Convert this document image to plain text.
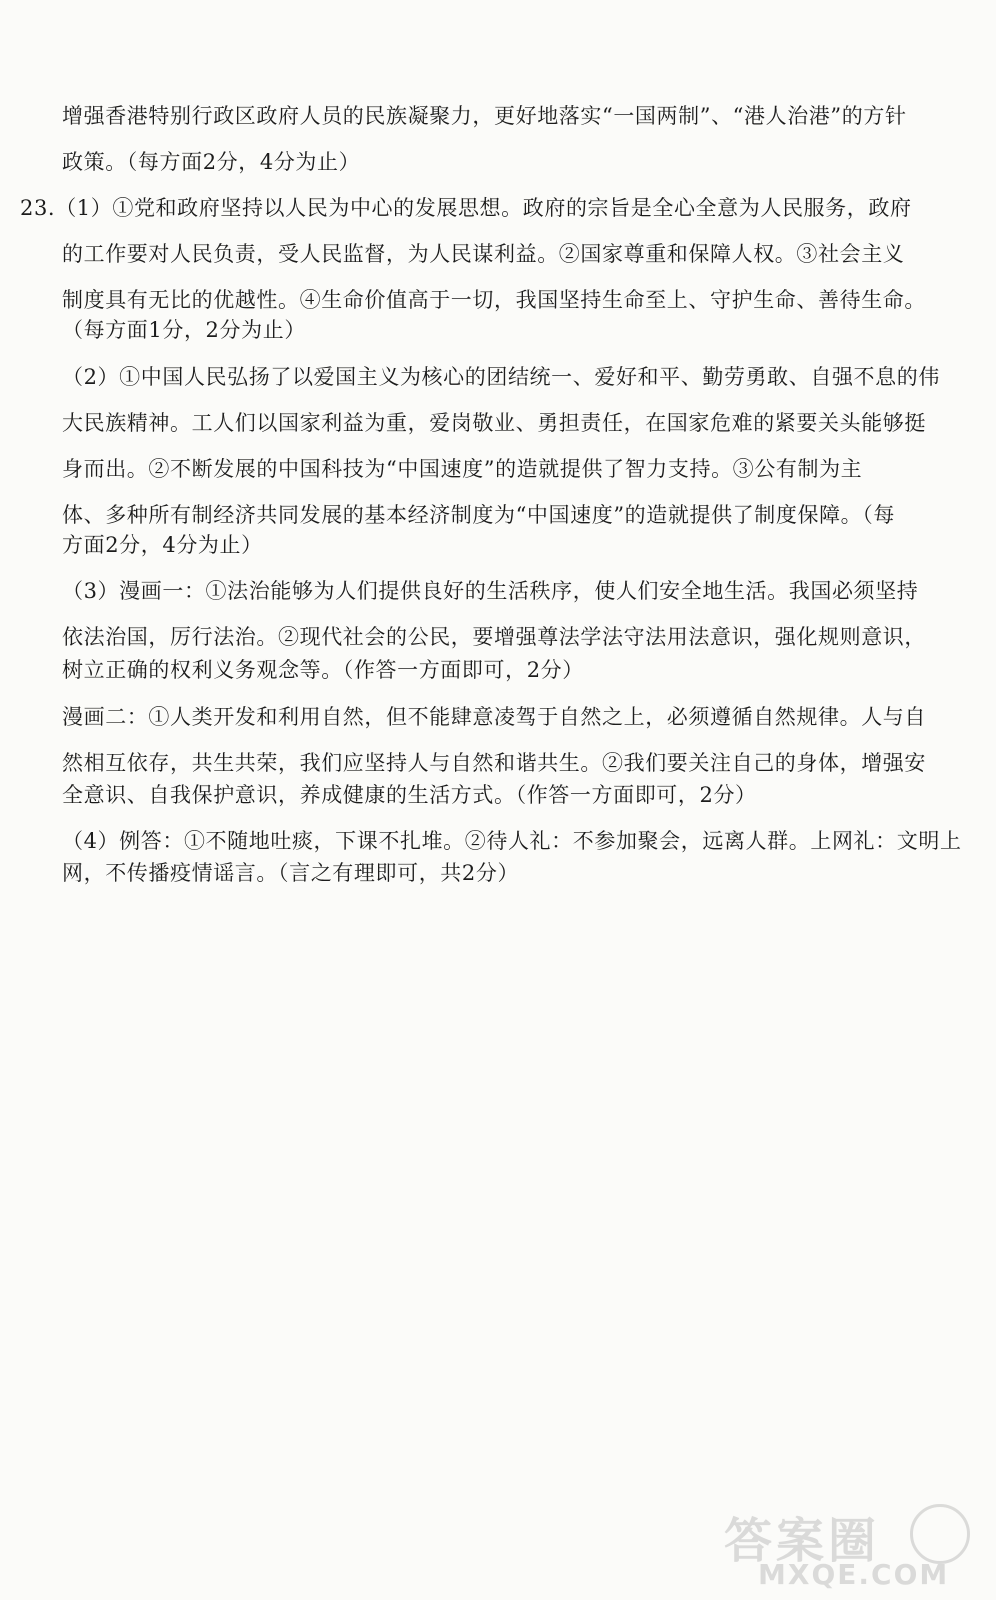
增强香港特别行政区政府人员的民族凝聚力，更好地落实“一国两制”、“港人治港”的方针
政策。（每方面2分，4分为止）
23.（1）①党和政府坚持以人民为中心的发展思想。政府的宗旨是全心全意为人民服务，政府
的工作要对人民负责，受人民监督，为人民谋利益。②国家尊重和保障人权。③社会主义
制度具有无比的优越性。④生命价值高于一切，我国坚持生命至上、守护生命、善待生命。
（每方面1分，2分为止）
（2）①中国人民弘扬了以爱国主义为核心的团结统一、爱好和平、勤劳勇敢、自强不息的伟
大民族精神。工人们以国家利益为重，爱岗敬业、勇担责任，在国家危难的紧要关头能够挺
身而出。②不断发展的中国科技为“中国速度”的造就提供了智力支持。③公有制为主
体、多种所有制经济共同发展的基本经济制度为“中国速度”的造就提供了制度保障。（每
方面2分，4分为止）
（3）漫画一：①法治能够为人们提供良好的生活秩序，使人们安全地生活。我国必须坚持
依法治国，厉行法治。②现代社会的公民，要增强尊法学法守法用法意识，强化规则意识，
树立正确的权利义务观念等。（作答一方面即可，2分）
漫画二：①人类开发和利用自然，但不能肆意凌驾于自然之上，必须遵循自然规律。人与自
然相互依存，共生共荣，我们应坚持人与自然和谐共生。②我们要关注自己的身体，增强安
全意识、自我保护意识，养成健康的生活方式。（作答一方面即可，2分）
（4）例答：①不随地吐痰，下课不扎堆。②待人礼：不参加聚会，远离人群。上网礼：文明上
网，不传播疫情谣言。（言之有理即可，共2分）
答案圈
MXQE.COM
